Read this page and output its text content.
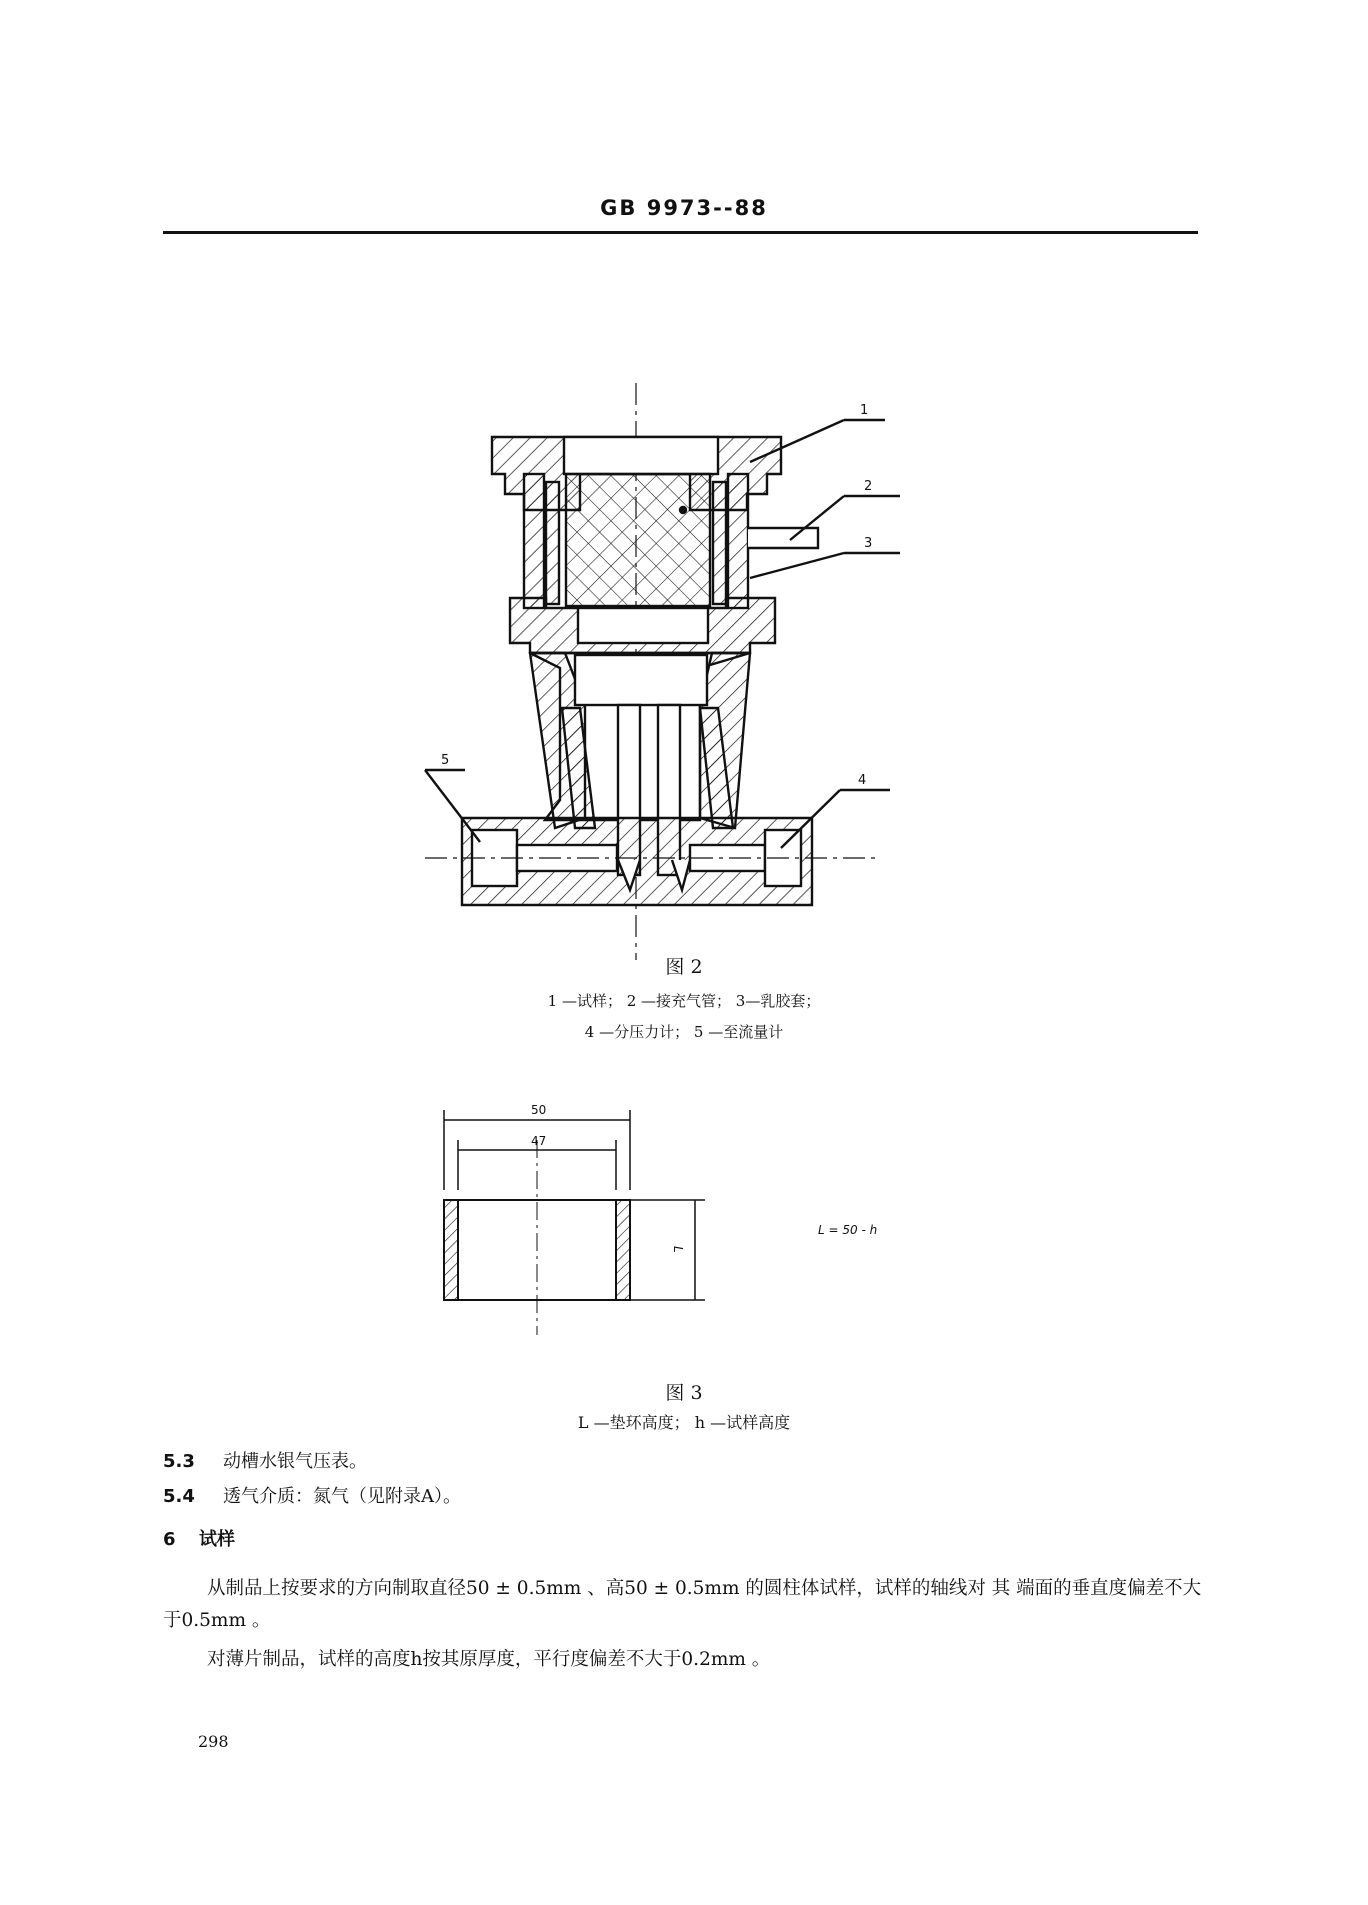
GB 9973--88
1
2
3
4
5
图 2
1 —试样； 2 —接充气管； 3—乳胶套；
4 —分压力计； 5 —至流量计
50
47
L
L = 50 - h
图 3
L —垫环高度； h —试样高度
5.3 动槽水银气压表。
5.4 透气介质：氮气（见附录A）。
6 试样
从制品上按要求的方向制取直径50 ± 0.5mm 、高50 ± 0.5mm 的圆柱体试样，试样的轴线对 其 端面的垂直度偏差不大于0.5mm 。
对薄片制品，试样的高度h按其原厚度，平行度偏差不大于0.2mm 。
298
